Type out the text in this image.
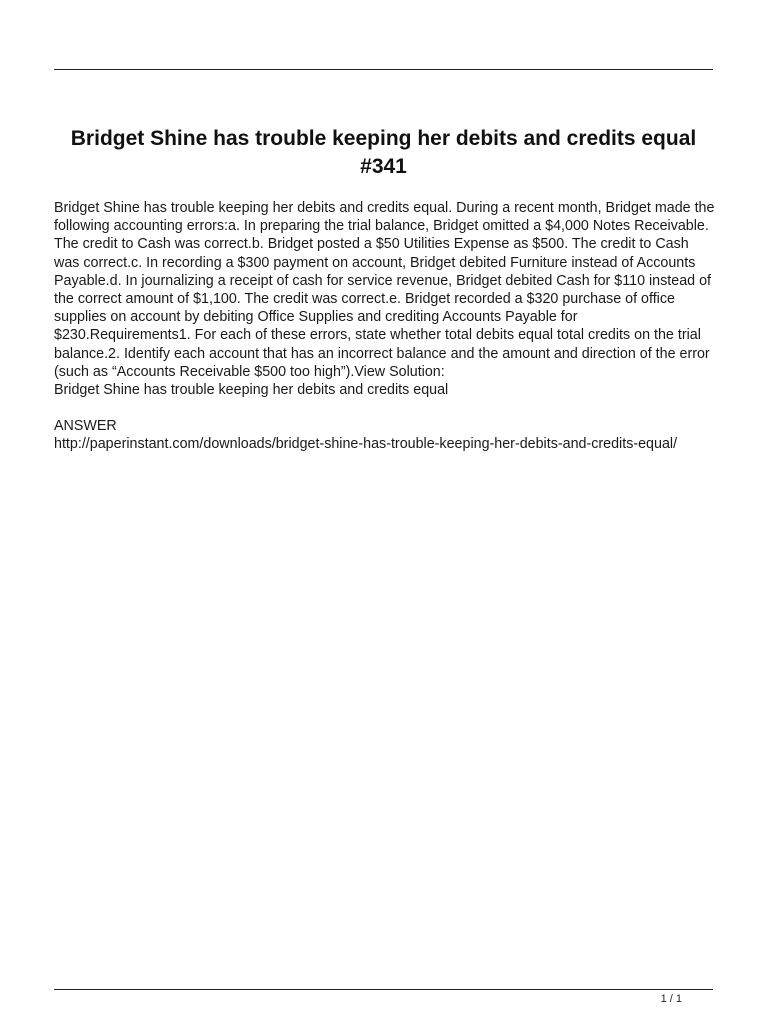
Bridget Shine has trouble keeping her debits and credits equal #341

Bridget Shine has trouble keeping her debits and credits equal. During a recent month, Bridget made the following accounting errors:a. In preparing the trial balance, Bridget omitted a $4,000 Notes Receivable. The credit to Cash was correct.b. Bridget posted a $50 Utilities Expense as $500. The credit to Cash was correct.c. In recording a $300 payment on account, Bridget debited Furniture instead of Accounts Payable.d. In journalizing a receipt of cash for service revenue, Bridget debited Cash for $110 instead of the correct amount of $1,100. The credit was correct.e. Bridget recorded a $320 purchase of office supplies on account by debiting Office Supplies and crediting Accounts Payable for $230.Requirements1. For each of these errors, state whether total debits equal total credits on the trial balance.2. Identify each account that has an incorrect balance and the amount and direction of the error (such as “Accounts Receivable $500 too high”).View Solution:

Bridget Shine has trouble keeping her debits and credits equal

ANSWER

http://paperinstant.com/downloads/bridget-shine-has-trouble-keeping-her-debits-and-credits-equal/

1 / 1
